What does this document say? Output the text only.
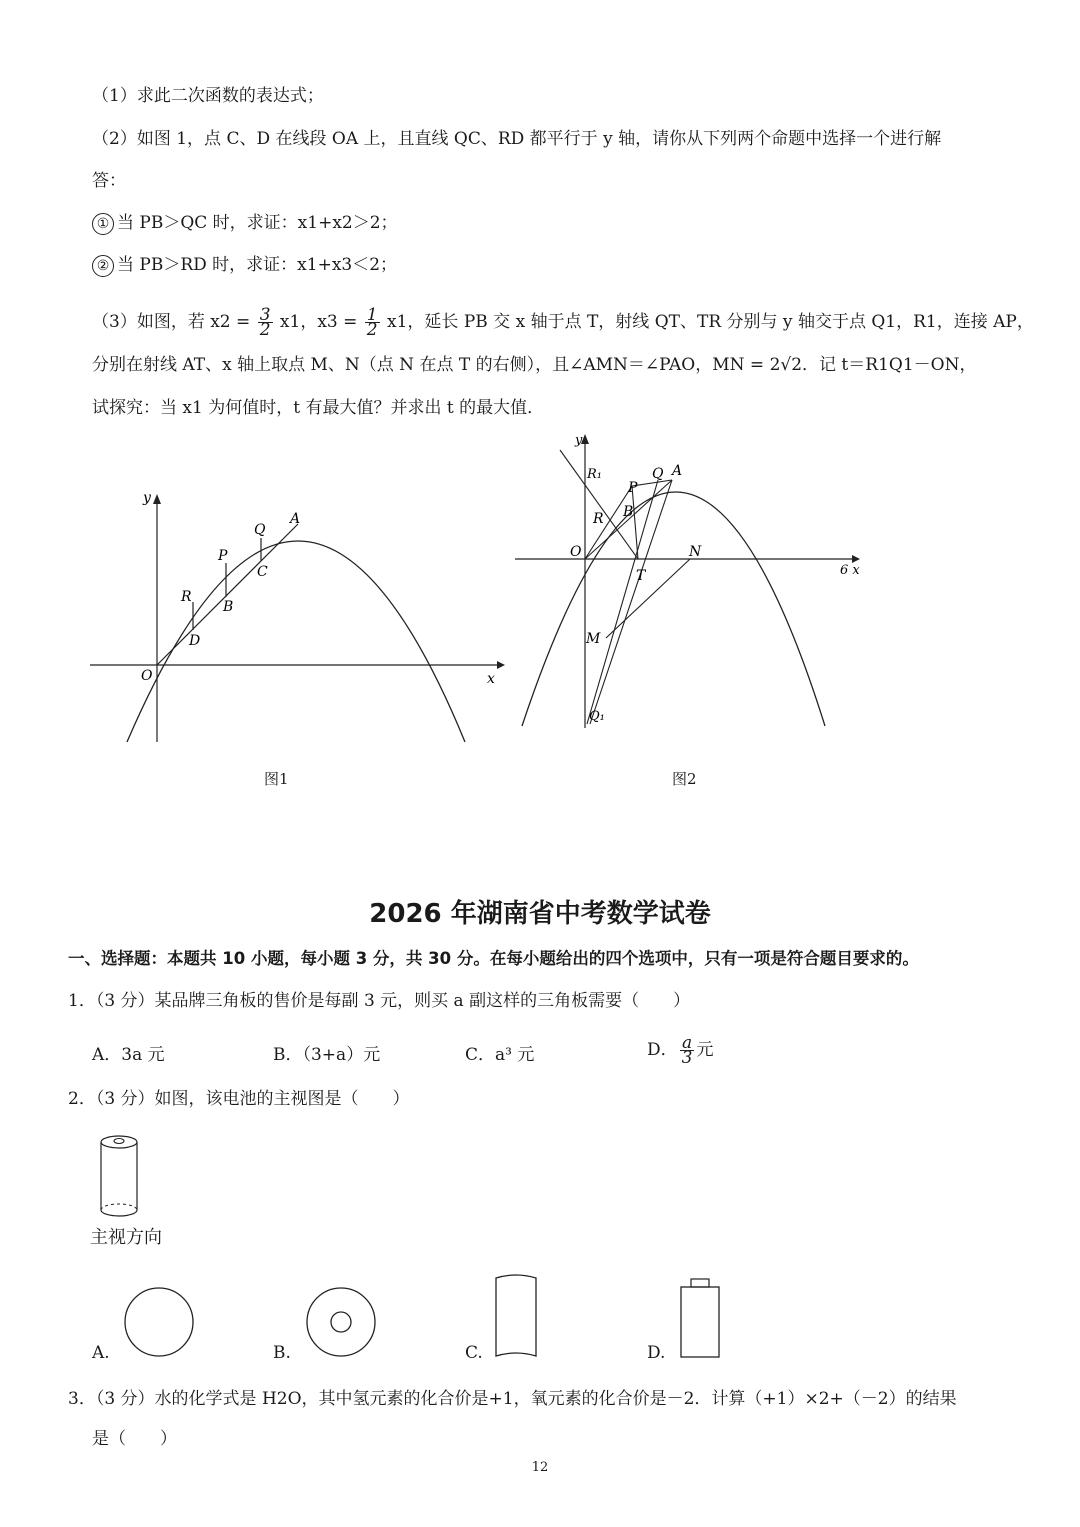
（1）求此二次函数的表达式；
（2）如图 1，点 C、D 在线段 OA 上，且直线 QC、RD 都平行于 y 轴，请你从下列两个命题中选择一个进行解
答：
① 当 PB＞QC 时，求证：x1+x2＞2；
② 当 PB＞RD 时，求证：x1+x3＜2；
（3）如图，若 $x2 = \frac{3}{2} x1$，$x3 = \frac{1}{2} x1$，延长 PB 交 x 轴于点 T，射线 QT、TR 分别与 y 轴交于点 Q1，R1，连接 AP，
分别在射线 AT、x 轴上取点 M、N（点 N 在点 T 的右侧），且∠AMN＝∠PAO，MN = 2√2．记 t＝R1Q1－ON，
试探究：当 x1 为何值时，t 有最大值？并求出 t 的最大值．
y
x
O
A
Q
P
R
C
B
D
图1
y
6 x
O
A
Q
P
R B
R₁
T
N
M
Q₁
图2
2026 年湖南省中考数学试卷
一、选择题：本题共 10 小题，每小题 3 分，共 30 分。在每小题给出的四个选项中，只有一项是符合题目要求的。
1．（3 分）某品牌三角板的售价是每副 3 元，则买 a 副这样的三角板需要（　　）
A．3a 元	B．（3+a）元	C．a³ 元	D． $\frac{a}{3}$ 元
2．（3 分）如图，该电池的主视图是（　　）
主视方向
A.	B.	C.	D.
3．（3 分）水的化学式是 H2O，其中氢元素的化合价是+1，氧元素的化合价是－2．计算（+1）×2+（－2）的结果
是（　　）
12
